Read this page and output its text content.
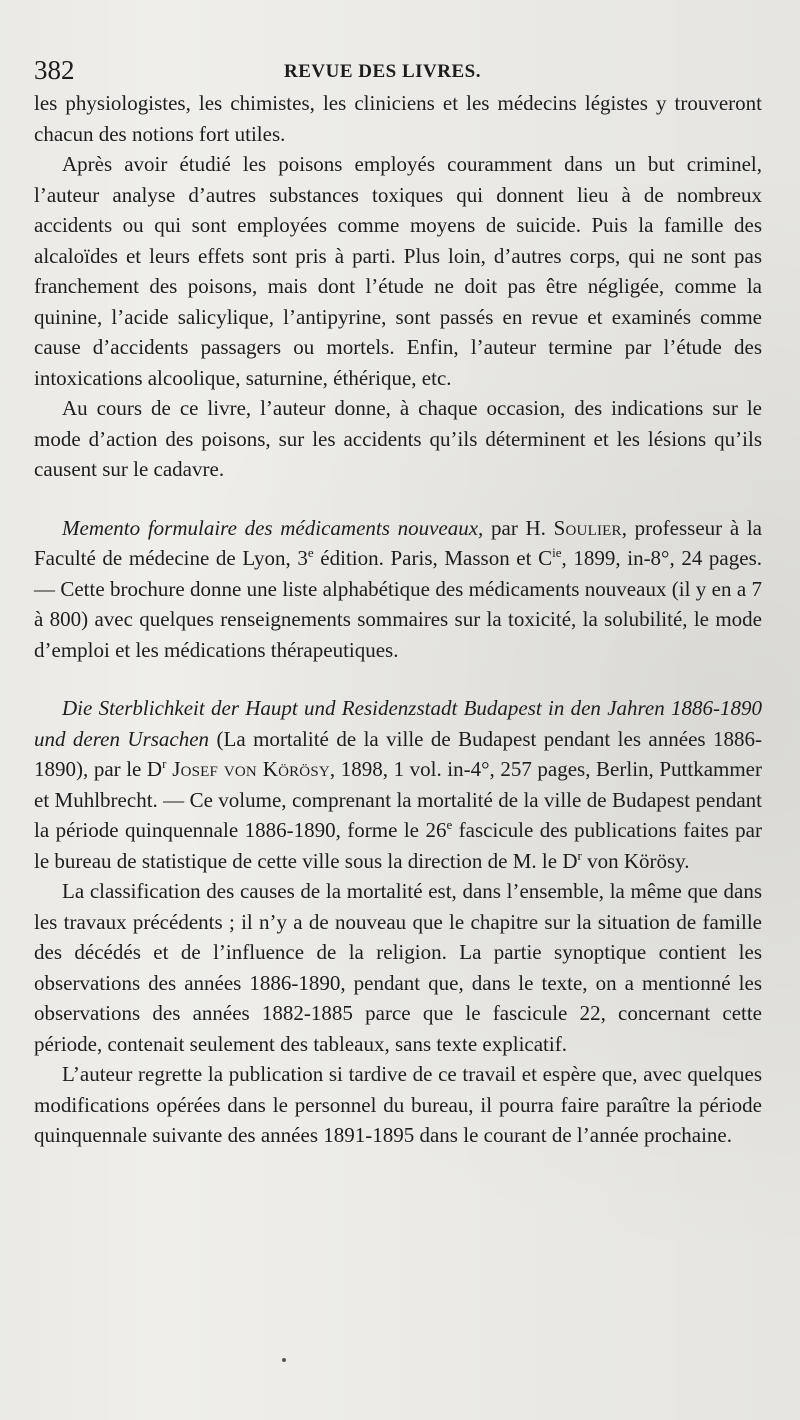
382	REVUE DES LIVRES.

les physiologistes, les chimistes, les cliniciens et les médecins légistes y trouveront chacun des notions fort utiles.

Après avoir étudié les poisons employés couramment dans un but criminel, l’auteur analyse d’autres substances toxiques qui donnent lieu à de nombreux accidents ou qui sont employées comme moyens de suicide. Puis la famille des alcaloïdes et leurs effets sont pris à parti. Plus loin, d’autres corps, qui ne sont pas franchement des poisons, mais dont l’étude ne doit pas être négligée, comme la quinine, l’acide salicylique, l’antipyrine, sont passés en revue et examinés comme cause d’accidents passagers ou mortels. Enfin, l’auteur termine par l’étude des intoxications alcoolique, saturnine, éthérique, etc.

Au cours de ce livre, l’auteur donne, à chaque occasion, des indications sur le mode d’action des poisons, sur les accidents qu’ils déterminent et les lésions qu’ils causent sur le cadavre.

Memento formulaire des médicaments nouveaux, par H. Soulier, professeur à la Faculté de médecine de Lyon, 3e édition. Paris, Masson et $C^{ie}$, 1899, in-8°, 24 pages. — Cette brochure donne une liste alphabétique des médicaments nouveaux (il y en a 7 à 800) avec quelques renseignements sommaires sur la toxicité, la solubilité, le mode d’emploi et les médications thérapeutiques.

Die Sterblichkeit der Haupt und Residenzstadt Budapest in den Jahren 1886-1890 und deren Ursachen (La mortalité de la ville de Budapest pendant les années 1886-1890), par le $D^r$ Josef von Körösy, 1898, 1 vol. in-4°, 257 pages, Berlin, Puttkammer et Muhlbrecht. — Ce volume, comprenant la mortalité de la ville de Budapest pendant la période quinquennale 1886-1890, forme le 26e fascicule des publications faites par le bureau de statistique de cette ville sous la direction de M. le $D^r$ von Körösy.

La classification des causes de la mortalité est, dans l’ensemble, la même que dans les travaux précédents ; il n’y a de nouveau que le chapitre sur la situation de famille des décédés et de l’influence de la religion. La partie synoptique contient les observations des années 1886-1890, pendant que, dans le texte, on a mentionné les observations des années 1882-1885 parce que le fascicule 22, concernant cette période, contenait seulement des tableaux, sans texte explicatif.

L’auteur regrette la publication si tardive de ce travail et espère que, avec quelques modifications opérées dans le personnel du bureau, il pourra faire paraître la période quinquennale suivante des années 1891-1895 dans le courant de l’année prochaine.
